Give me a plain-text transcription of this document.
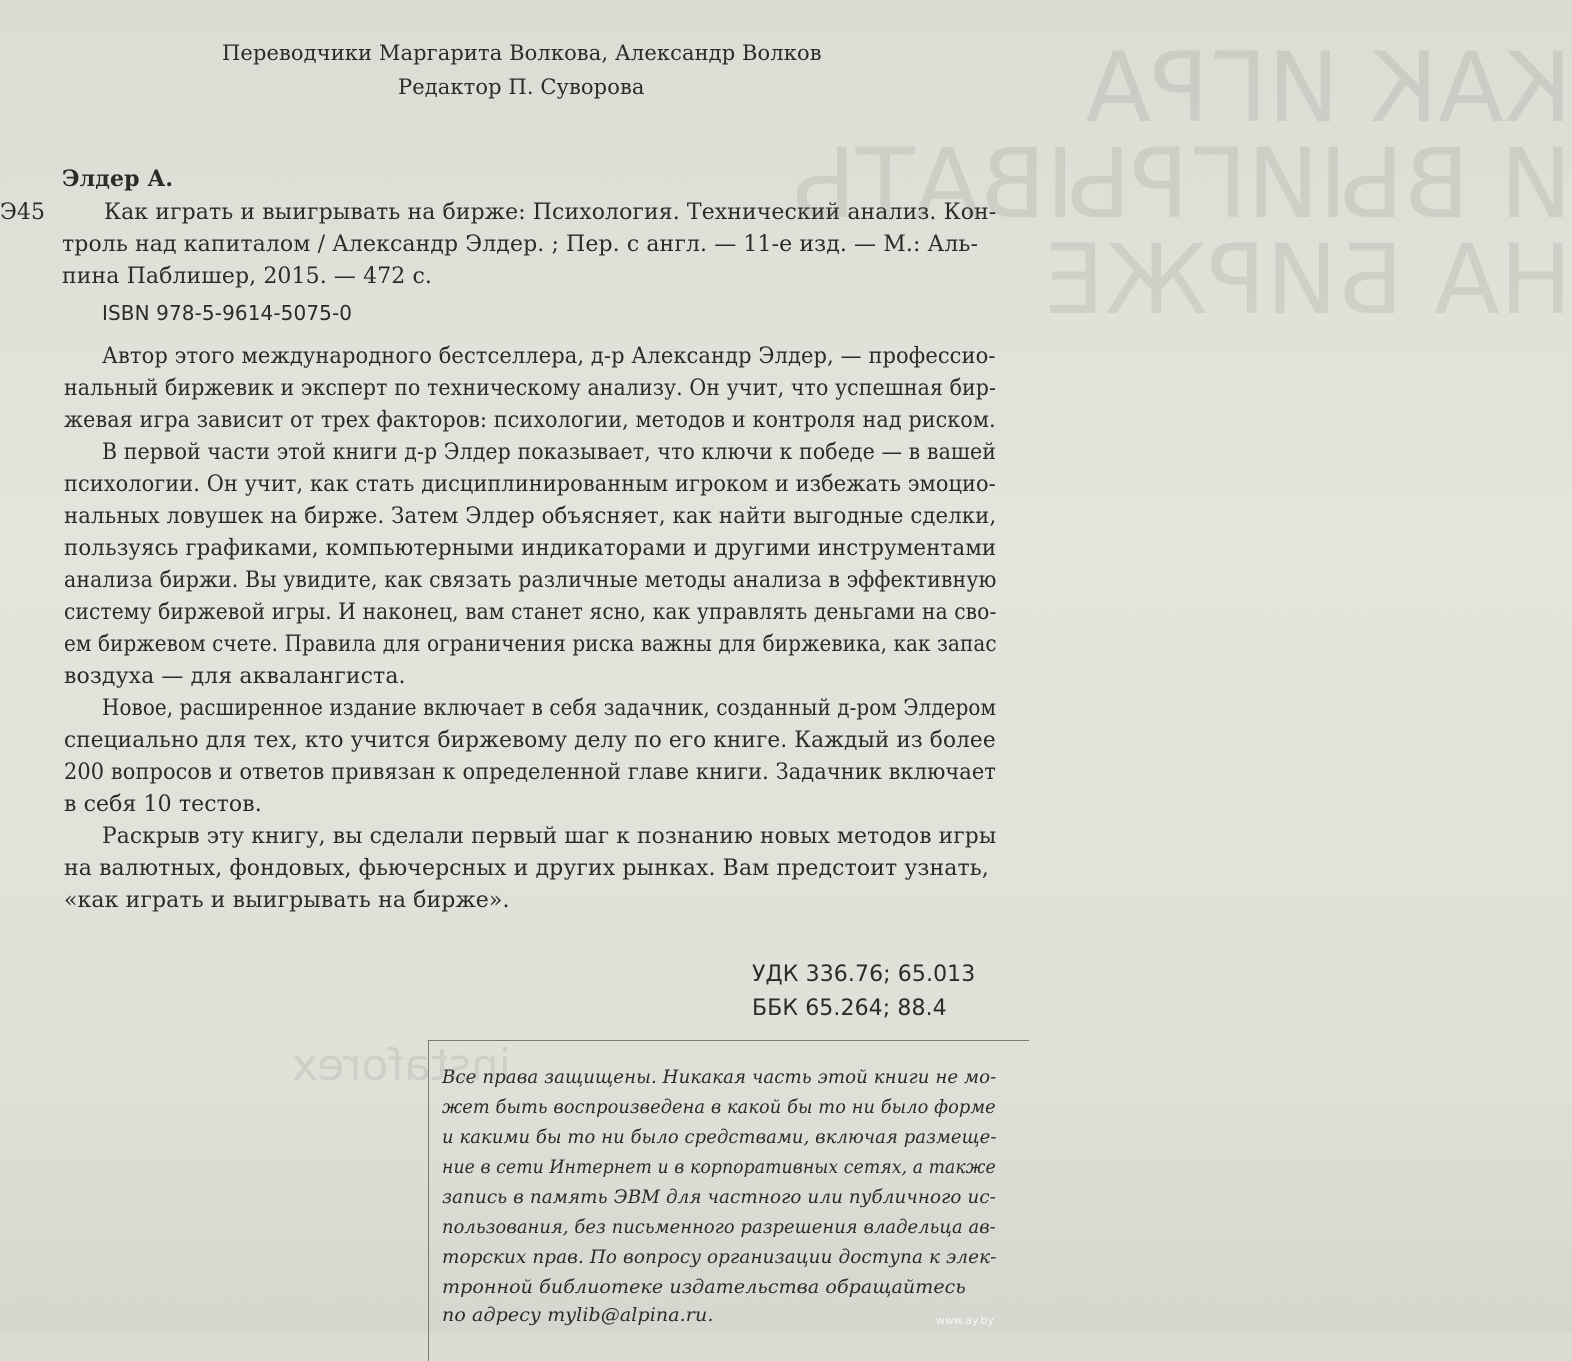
КАК ИГРА
И ВЫИГРЫВАТЬ
НА БИРЖЕ
instaforex
Переводчики Маргарита Волкова, Александр Волков
Редактор П. Суворова
Элдер А.
Э45	Как играть и выигрывать на бирже: Психология. Технический анализ. Кон-
троль над капиталом / Александр Элдер. ; Пер. с англ. — 11-е изд. — М.: Аль-
пина Паблишер, 2015. — 472 с.
ISBN 978-5-9614-5075-0
Автор этого международного бестселлера, д-р Александр Элдер, — профессио-
нальный биржевик и эксперт по техническому анализу. Он учит, что успешная бир-
жевая игра зависит от трех факторов: психологии, методов и контроля над риском.
В первой части этой книги д-р Элдер показывает, что ключи к победе — в вашей
психологии. Он учит, как стать дисциплинированным игроком и избежать эмоцио-
нальных ловушек на бирже. Затем Элдер объясняет, как найти выгодные сделки,
пользуясь графиками, компьютерными индикаторами и другими инструментами
анализа биржи. Вы увидите, как связать различные методы анализа в эффективную
систему биржевой игры. И наконец, вам станет ясно, как управлять деньгами на сво-
ем биржевом счете. Правила для ограничения риска важны для биржевика, как запас
воздуха — для аквалангиста.
Новое, расширенное издание включает в себя задачник, созданный д-ром Элдером
специально для тех, кто учится биржевому делу по его книге. Каждый из более
200 вопросов и ответов привязан к определенной главе книги. Задачник включает
в себя 10 тестов.
Раскрыв эту книгу, вы сделали первый шаг к познанию новых методов игры
на валютных, фондовых, фьючерсных и других рынках. Вам предстоит узнать,
«как играть и выигрывать на бирже».
УДК 336.76; 65.013
ББК 65.264; 88.4
Все права защищены. Никакая часть этой книги не мо-
жет быть воспроизведена в какой бы то ни было форме
и какими бы то ни было средствами, включая размеще-
ние в сети Интернет и в корпоративных сетях, а также
запись в память ЭВМ для частного или публичного ис-
пользования, без письменного разрешения владельца ав-
торских прав. По вопросу организации доступа к элек-
тронной библиотеке издательства обращайтесь
по адресу mylib@alpina.ru.	www.ay.by
